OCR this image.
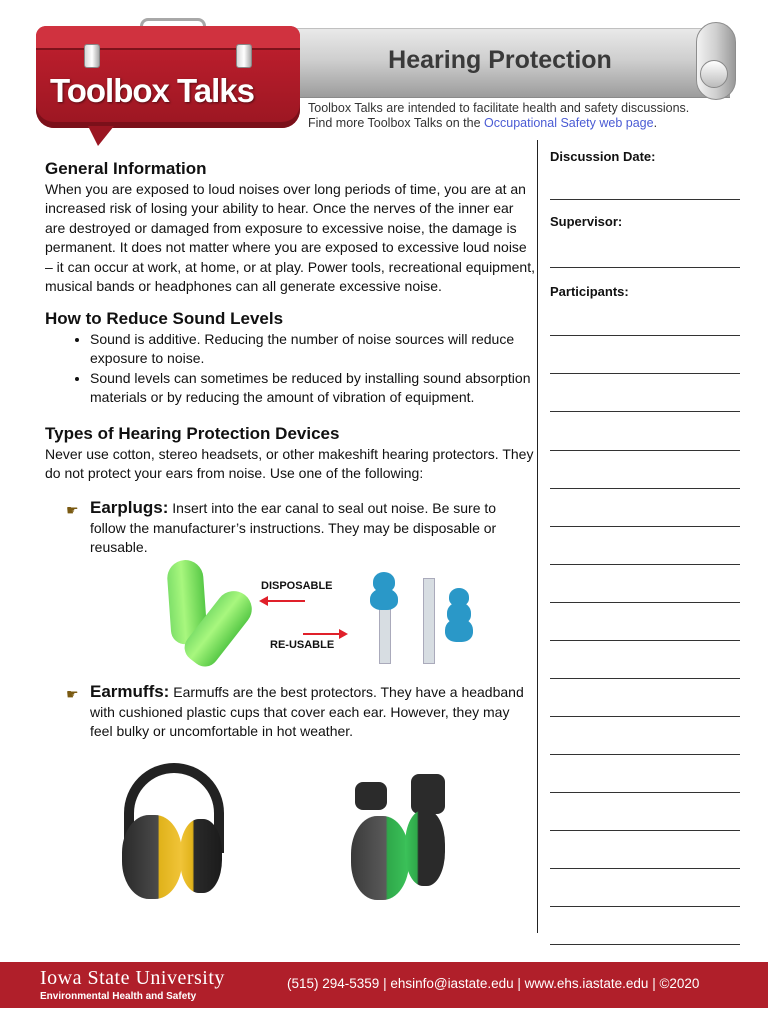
Hearing Protection
Toolbox Talks	Toolbox Talks are intended to facilitate health and safety discussions.
Find more Toolbox Talks on the Occupational Safety web page.
General Information

When you are exposed to loud noises over long periods of time, you are at an increased risk of losing your ability to hear. Once the nerves of the inner ear are destroyed or damaged from exposure to excessive noise, the damage is permanent. It does not matter where you are exposed to excessive loud noise – it can occur at work, at home, or at play. Power tools, recreational equipment, musical bands or headphones can all generate excessive noise.

How to Reduce Sound Levels
• Sound is additive. Reducing the number of noise sources will reduce exposure to noise.
• Sound levels can sometimes be reduced by installing sound absorption materials or by reducing the amount of vibration of equipment.
Types of Hearing Protection Devices

Never use cotton, stereo headsets, or other makeshift hearing protectors. They do not protect your ears from noise. Use one of the following:

☛ Earplugs: Insert into the ear canal to seal out noise. Be sure to follow the manufacturer’s instructions. They may be disposable or reusable.
DISPOSABLE
RE-USABLE
☛ Earmuffs: Earmuffs are the best protectors. They have a headband with cushioned plastic cups that cover each ear. However, they may feel bulky or uncomfortable in hot weather.
Discussion Date:
Supervisor:
Participants:
Iowa State University
Environmental Health and Safety
(515) 294-5359 | ehsinfo@iastate.edu | www.ehs.iastate.edu | ©2020
